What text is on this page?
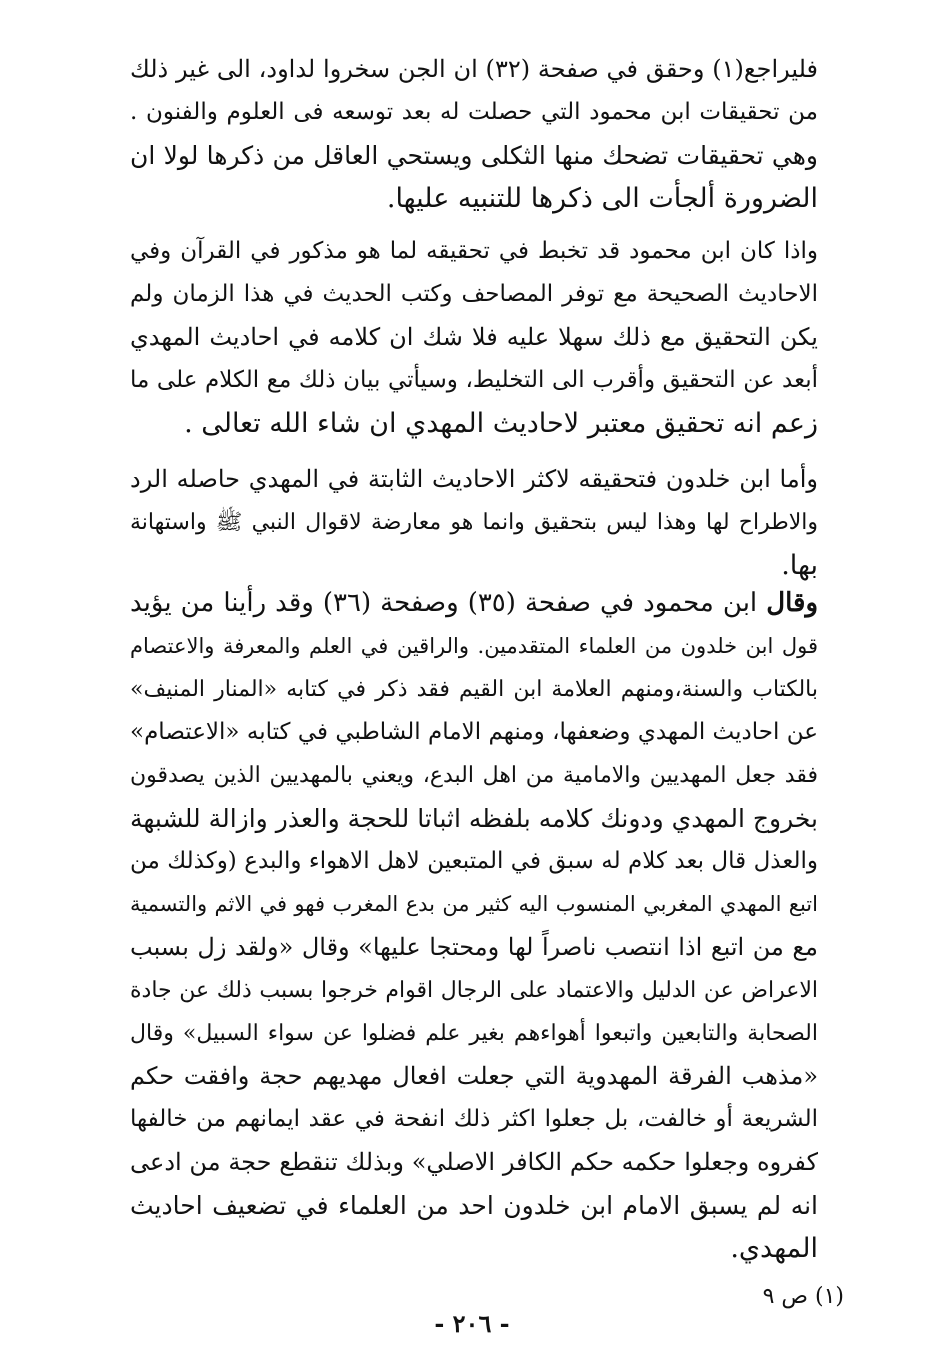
فليراجع(١) وحقق في صفحة (٣٢) ان الجن سخروا لداود، الى غير ذلك
من تحقيقات ابن محمود التي حصلت له بعد توسعه فى العلوم والفنون .
وهي تحقيقات تضحك منها الثكلى ويستحي العاقل من ذكرها لولا ان
الضرورة ألجأت الى ذكرها للتنبيه عليها.
واذا كان ابن محمود قد تخبط في تحقيقه لما هو مذكور في القرآن وفي
الاحاديث الصحيحة مع توفر المصاحف وكتب الحديث في هذا الزمان ولم
يكن التحقيق مع ذلك سهلا عليه فلا شك ان كلامه في احاديث المهدي
أبعد عن التحقيق وأقرب الى التخليط، وسيأتي بيان ذلك مع الكلام على ما
زعم انه تحقيق معتبر لاحاديث المهدي ان شاء الله تعالى .
وأما ابن خلدون فتحقيقه لاكثر الاحاديث الثابتة في المهدي حاصله الرد
والاطراح لها وهذا ليس بتحقيق وانما هو معارضة لاقوال النبي ﷺ واستهانة
بها.
وقال ابن محمود في صفحة (٣٥) وصفحة (٣٦) وقد رأينا من يؤيد
قول ابن خلدون من العلماء المتقدمين. والراقين في العلم والمعرفة والاعتصام
بالكتاب والسنة،ومنهم العلامة ابن القيم فقد ذكر في كتابه «المنار المنيف»
عن احاديث المهدي وضعفها، ومنهم الامام الشاطبي في كتابه «الاعتصام»
فقد جعل المهديين والامامية من اهل البدع، ويعني بالمهديين الذين يصدقون
بخروج المهدي ودونك كلامه بلفظه اثباتا للحجة والعذر وازالة للشبهة
والعذل قال بعد كلام له سبق في المتبعين لاهل الاهواء والبدع (وكذلك من
اتبع المهدي المغربي المنسوب اليه كثير من بدع المغرب فهو في الاثم والتسمية
مع من اتبع اذا انتصب ناصراً لها ومحتجا عليها» وقال «ولقد زل بسبب
الاعراض عن الدليل والاعتماد على الرجال اقوام خرجوا بسبب ذلك عن جادة
الصحابة والتابعين واتبعوا أهواءهم بغير علم فضلوا عن سواء السبيل» وقال
«مذهب الفرقة المهدوية التي جعلت افعال مهديهم حجة وافقت حكم
الشريعة أو خالفت، بل جعلوا اكثر ذلك انفحة في عقد ايمانهم من خالفها
كفروه وجعلوا حكمه حكم الكافر الاصلي» وبذلك تنقطع حجة من ادعى
انه لم يسبق الامام ابن خلدون احد من العلماء في تضعيف احاديث
المهدي.
(١) ص ٩
- ٢٠٦ -
